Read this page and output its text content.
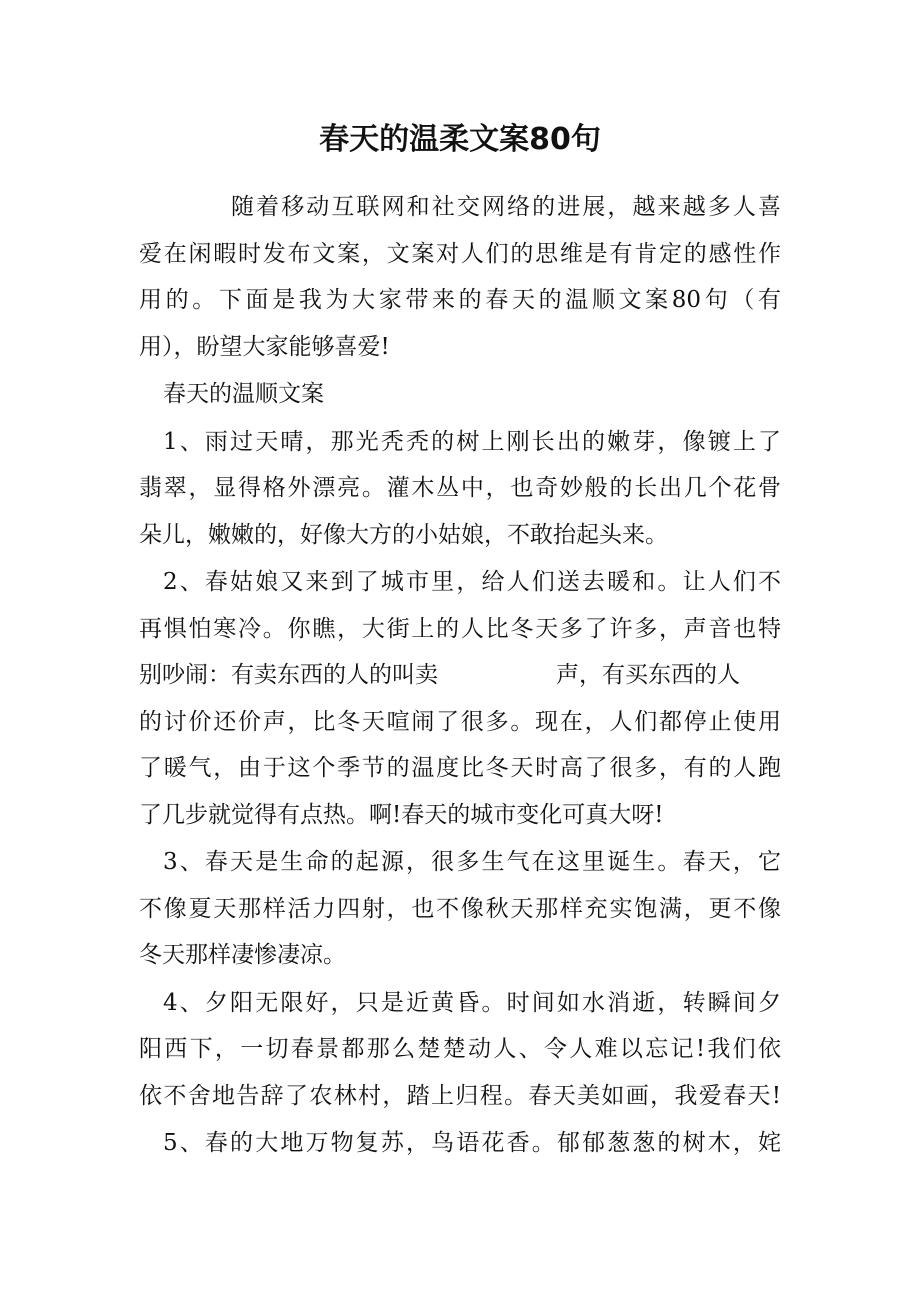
春天的温柔文案80句
随着移动互联网和社交网络的进展，越来越多人喜
爱在闲暇时发布文案，文案对人们的思维是有肯定的感性作
用的。下面是我为大家带来的春天的温顺文案80句（有
用），盼望大家能够喜爱!
春天的温顺文案
1、雨过天晴，那光秃秃的树上刚长出的嫩芽，像镀上了
翡翠，显得格外漂亮。灌木丛中，也奇妙般的长出几个花骨
朵儿，嫩嫩的，好像大方的小姑娘，不敢抬起头来。
2、春姑娘又来到了城市里，给人们送去暖和。让人们不
再惧怕寒冷。你瞧，大街上的人比冬天多了许多，声音也特
别吵闹：有卖东西的人的叫卖	声，有买东西的人
的讨价还价声，比冬天喧闹了很多。现在，人们都停止使用
了暖气，由于这个季节的温度比冬天时高了很多，有的人跑
了几步就觉得有点热。啊!春天的城市变化可真大呀!
3、春天是生命的起源，很多生气在这里诞生。春天，它
不像夏天那样活力四射，也不像秋天那样充实饱满，更不像
冬天那样凄惨凄凉。
4、夕阳无限好，只是近黄昏。时间如水消逝，转瞬间夕
阳西下，一切春景都那么楚楚动人、令人难以忘记!我们依
依不舍地告辞了农林村，踏上归程。春天美如画，我爱春天!
5、春的大地万物复苏，鸟语花香。郁郁葱葱的树木，姹
